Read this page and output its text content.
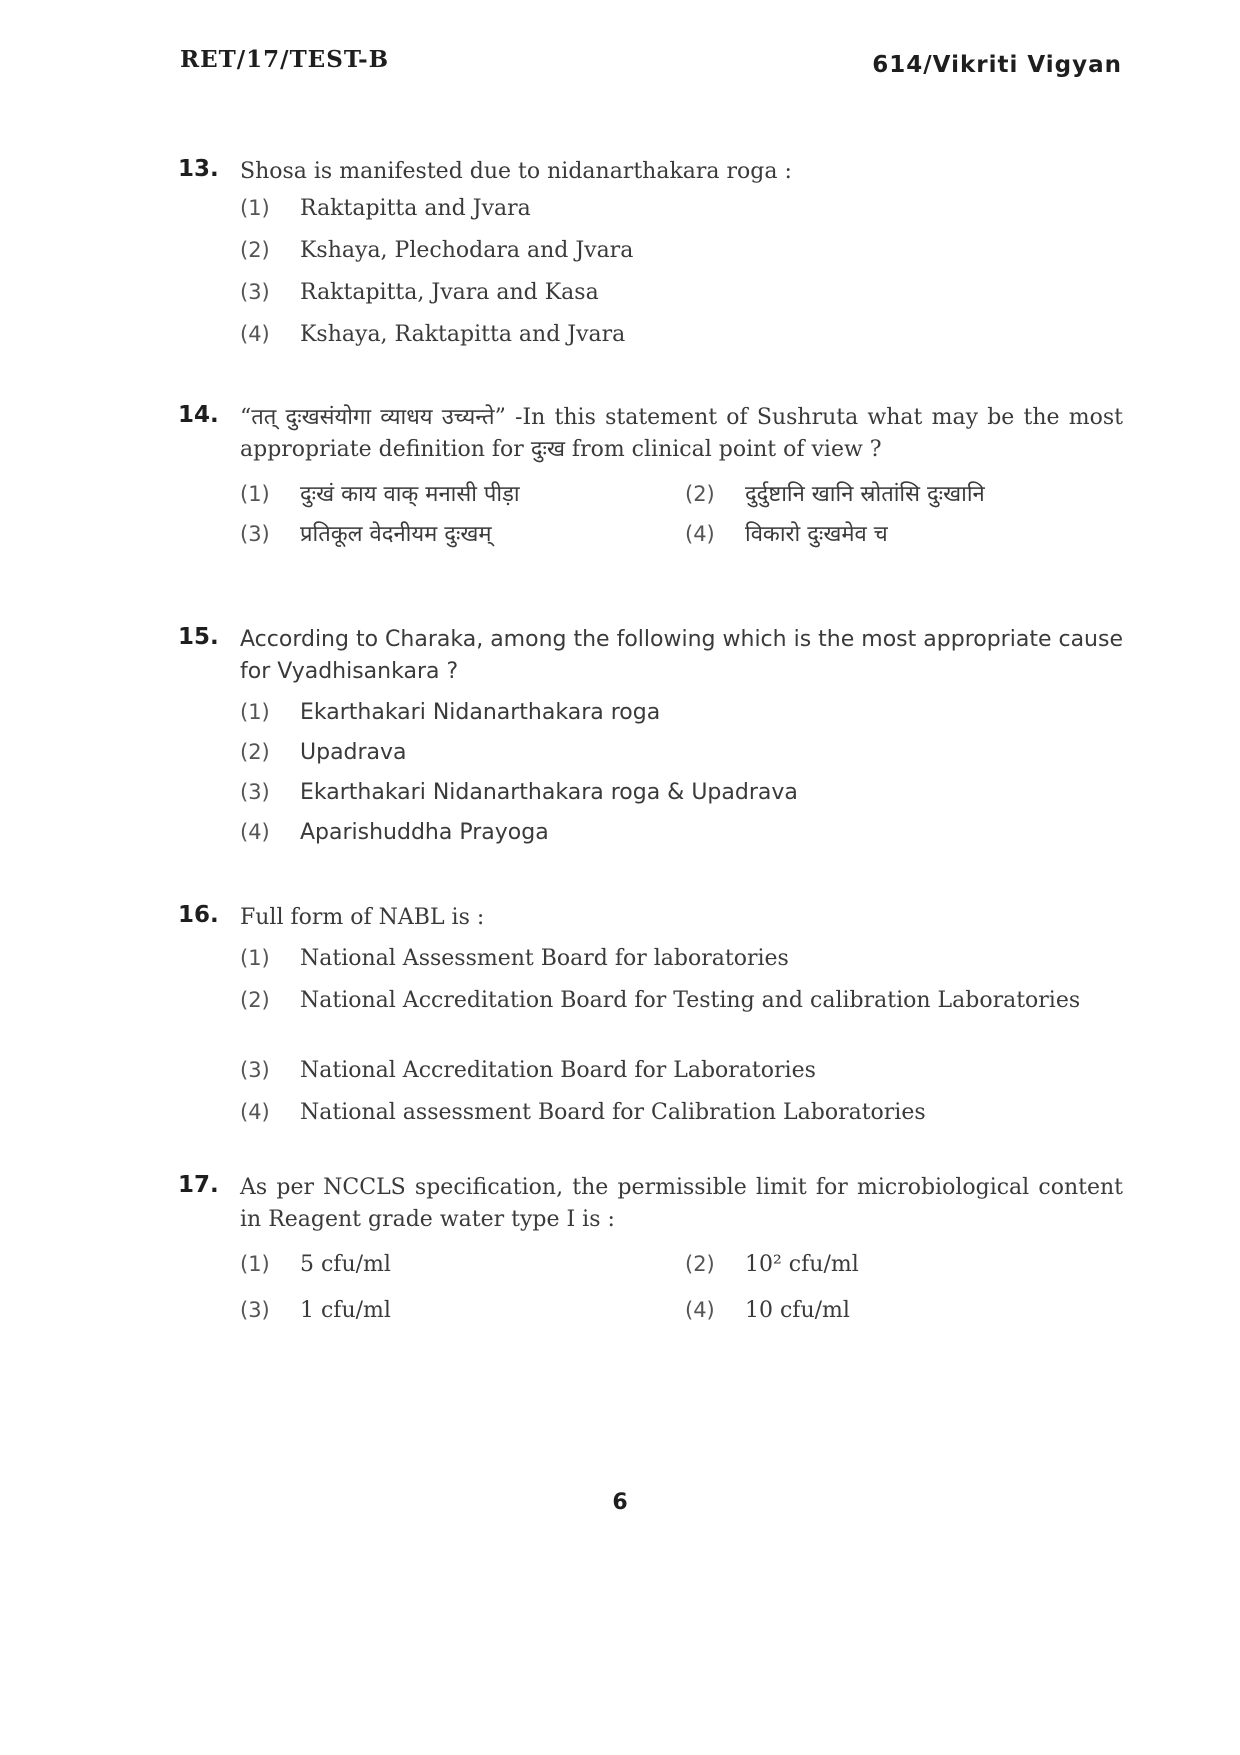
RET/17/TEST-B	614/Vikriti Vigyan
13. Shosa is manifested due to nidanarthakara roga :
(1)	Raktapitta and Jvara
(2)	Kshaya, Plechodara and Jvara
(3)	Raktapitta, Jvara and Kasa
(4)	Kshaya, Raktapitta and Jvara
14. “तत् दुःखसंयोगा व्याधय उच्यन्ते” -In this statement of Sushruta what may be the most appropriate definition for दुःख from clinical point of view ?
(1)	दुःखं काय वाक् मनासी पीड़ा	(2)	दुर्दुष्टानि खानि स्रोतांसि दुःखानि
(3)	प्रतिकूल वेदनीयम दुःखम्	(4)	विकारो दुःखमेव च
15. According to Charaka, among the following which is the most appropriate cause for Vyadhisankara ?
(1)	Ekarthakari Nidanarthakara roga
(2)	Upadrava
(3)	Ekarthakari Nidanarthakara roga & Upadrava
(4)	Aparishuddha Prayoga
16. Full form of NABL is :
(1)	National Assessment Board for laboratories
(2)	National Accreditation Board for Testing and calibration Laboratories
(3)	National Accreditation Board for Laboratories
(4)	National assessment Board for Calibration Laboratories
17. As per NCCLS specification, the permissible limit for microbiological content in Reagent grade water type I is :
(1)	5 cfu/ml	(2)	10² cfu/ml
(3)	1 cfu/ml	(4)	10 cfu/ml
6
